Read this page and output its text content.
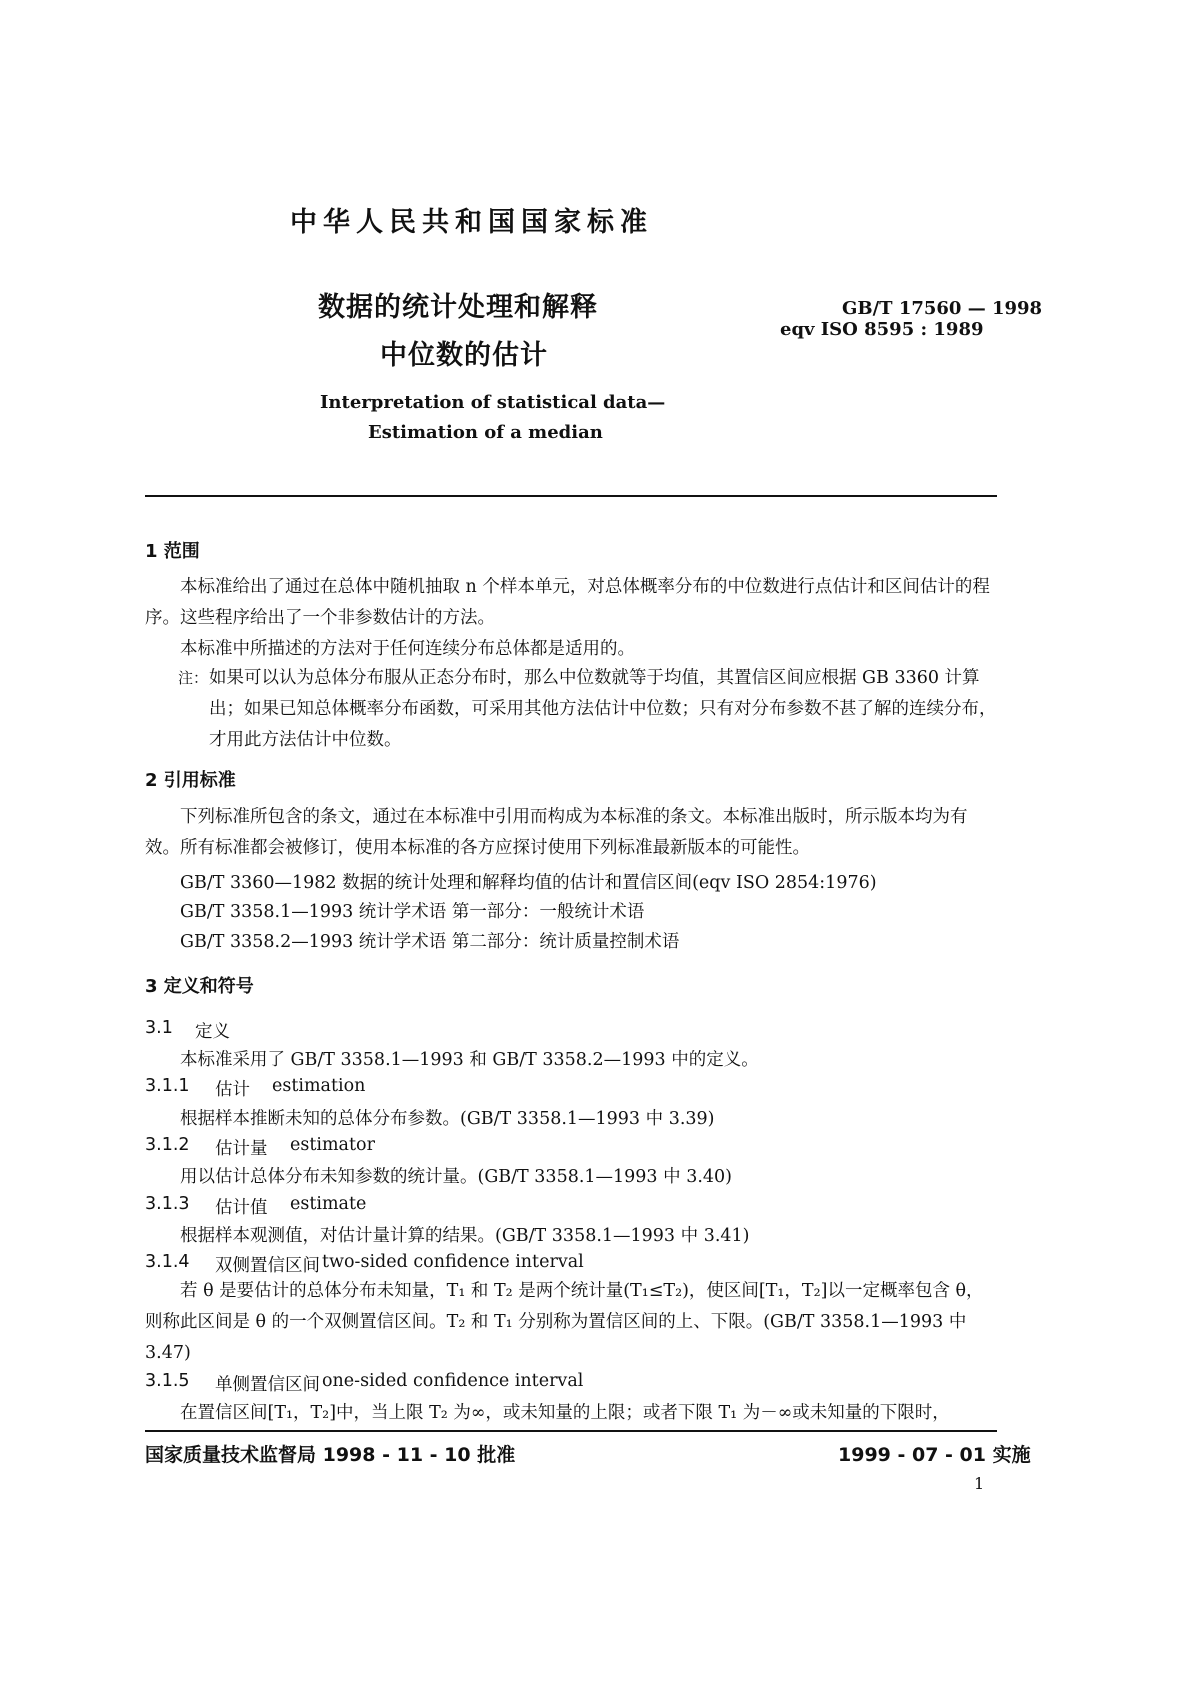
中华人民共和国国家标准
数据的统计处理和解释
中位数的估计
GB/T 17560 — 1998
eqv ISO 8595 : 1989
Interpretation of statistical data—
Estimation of a median
1 范围

本标准给出了通过在总体中随机抽取 n 个样本单元，对总体概率分布的中位数进行点估计和区间估计的程序。这些程序给出了一个非参数估计的方法。

本标准中所描述的方法对于任何连续分布总体都是适用的。

注： 如果可以认为总体分布服从正态分布时，那么中位数就等于均值，其置信区间应根据 GB 3360 计算出；如果已知总体概率分布函数，可采用其他方法估计中位数；只有对分布参数不甚了解的连续分布，才用此方法估计中位数。

2 引用标准

下列标准所包含的条文，通过在本标准中引用而构成为本标准的条文。本标准出版时，所示版本均为有效。所有标准都会被修订，使用本标准的各方应探讨使用下列标准最新版本的可能性。

GB/T 3360—1982 数据的统计处理和解释均值的估计和置信区间(eqv ISO 2854:1976)
GB/T 3358.1—1993 统计学术语 第一部分：一般统计术语
GB/T 3358.2—1993 统计学术语 第二部分：统计质量控制术语
3 定义和符号
3.1 定义
本标准采用了 GB/T 3358.1—1993 和 GB/T 3358.2—1993 中的定义。
3.1.1 估计 estimation
根据样本推断未知的总体分布参数。(GB/T 3358.1—1993 中 3.39)
3.1.2 估计量 estimator
用以估计总体分布未知参数的统计量。(GB/T 3358.1—1993 中 3.40)
3.1.3 估计值 estimate
根据样本观测值，对估计量计算的结果。(GB/T 3358.1—1993 中 3.41)
3.1.4 双侧置信区间 two-sided confidence interval

若 θ 是要估计的总体分布未知量，T₁ 和 T₂ 是两个统计量(T₁≤T₂)，使区间[T₁，T₂]以一定概率包含 θ，则称此区间是 θ 的一个双侧置信区间。T₂ 和 T₁ 分别称为置信区间的上、下限。(GB/T 3358.1—1993 中 3.47)

3.1.5 单侧置信区间 one-sided confidence interval
在置信区间[T₁，T₂]中，当上限 T₂ 为∞，或未知量的上限；或者下限 T₁ 为－∞或未知量的下限时，
国家质量技术监督局 1998 - 11 - 10 批准	1999 - 07 - 01 实施
1
